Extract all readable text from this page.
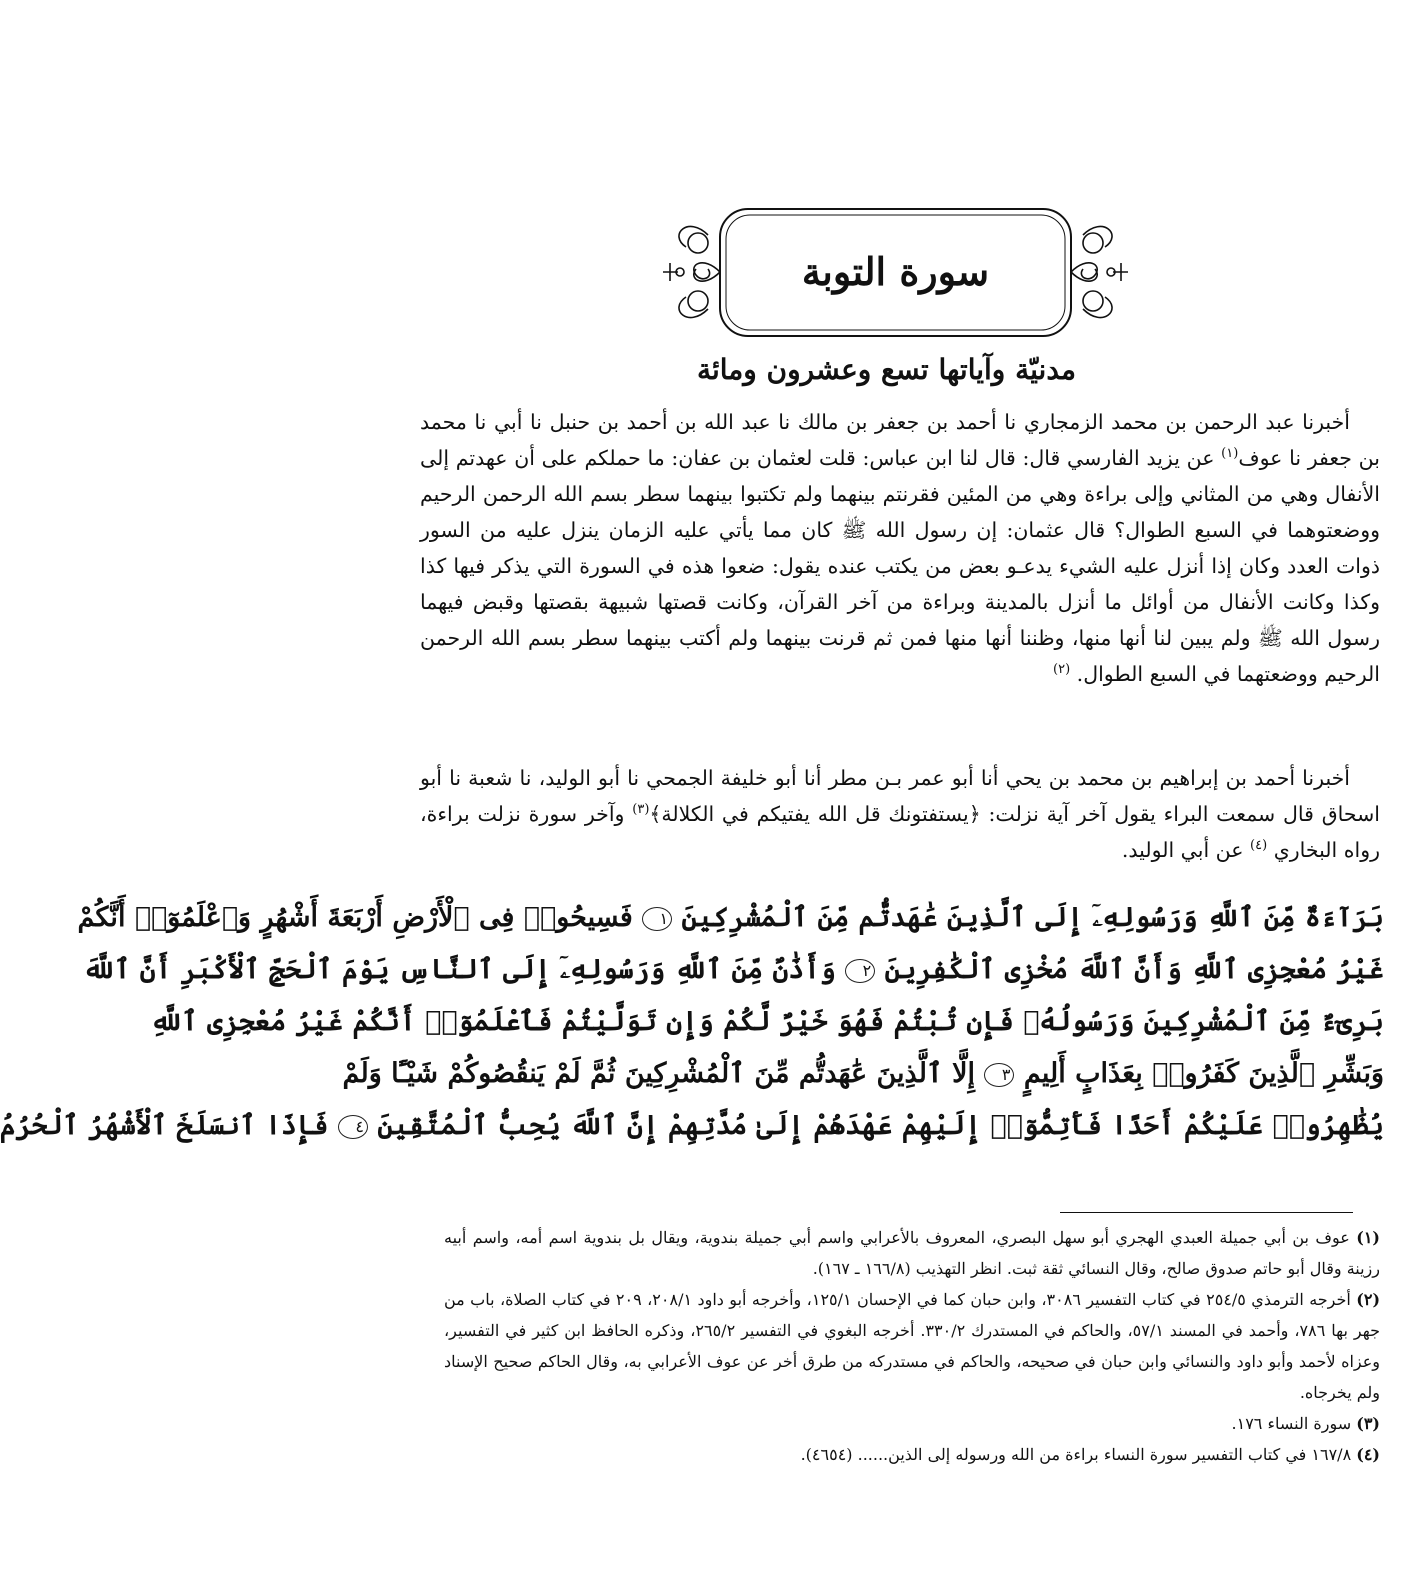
سورة التوبة
مدنيّة وآياتها تسع وعشرون ومائة
أخبرنا عبد الرحمن بن محمد الزمجاري نا أحمد بن جعفر بن مالك نا عبد الله بن أحمد بن حنبل نا أبي نا محمد بن جعفر نا عوف$^{(١)}$ عن يزيد الفارسي قال: قال لنا ابن عباس: قلت لعثمان بن عفان: ما حملكم على أن عهدتم إلى الأنفال وهي من المثاني وإلى براءة وهي من المئين فقرنتم بينهما ولم تكتبوا بينهما سطر بسم الله الرحمن الرحيم ووضعتوهما في السبع الطوال؟ قال عثمان: إن رسول الله ﷺ كان مما يأتي عليه الزمان ينزل عليه من السور ذوات العدد وكان إذا أنزل عليه الشيء يدعـو بعض من يكتب عنده يقول: ضعوا هذه في السورة التي يذكر فيها كذا وكذا وكانت الأنفال من أوائل ما أنزل بالمدينة وبراءة من آخر القرآن، وكانت قصتها شبيهة بقصتها وقبض فيهما رسول الله ﷺ ولم يبين لنا أنها منها، وظننا أنها منها فمن ثم قرنت بينهما ولم أكتب بينهما سطر بسم الله الرحمن الرحيم ووضعتهما في السبع الطوال. $^{(٢)}$
أخبرنا أحمد بن إبراهيم بن محمد بن يحي أنا أبو عمر بـن مطر أنا أبو خليفة الجمحي نا أبو الوليد، نا شعبة نا أبو اسحاق قال سمعت البراء يقول آخر آية نزلت: ﴿يستفتونك قل الله يفتيكم في الكلالة﴾$^{(٣)}$ وآخر سورة نزلت براءة، رواه البخاري $^{(٤)}$ عن أبي الوليد.
بَرَآءَةٌ مِّنَ ٱللَّهِ وَرَسُولِهِۦٓ إِلَى ٱلَّذِينَ عَٰهَدتُّم مِّنَ ٱلْمُشْرِكِينَ ١ فَسِيحُوا۟ فِى ٱلْأَرْضِ أَرْبَعَةَ أَشْهُرٍ وَٱعْلَمُوٓا۟ أَنَّكُمْ
غَيْرُ مُعْجِزِى ٱللَّهِ وَأَنَّ ٱللَّهَ مُخْزِى ٱلْكَٰفِرِينَ ٢ وَأَذَٰنٌ مِّنَ ٱللَّهِ وَرَسُولِهِۦٓ إِلَى ٱلنَّاسِ يَوْمَ ٱلْحَجِّ ٱلْأَكْبَرِ أَنَّ ٱللَّهَ
بَرِىٓءٌ مِّنَ ٱلْمُشْرِكِينَ وَرَسُولُهُۥ فَإِن تُبْتُمْ فَهُوَ خَيْرٌ لَّكُمْ وَإِن تَوَلَّيْتُمْ فَٱعْلَمُوٓا۟ أَنَّكُمْ غَيْرُ مُعْجِزِى ٱللَّهِ
وَبَشِّرِ ٱلَّذِينَ كَفَرُوا۟ بِعَذَابٍ أَلِيمٍ ٣ إِلَّا ٱلَّذِينَ عَٰهَدتُّم مِّنَ ٱلْمُشْرِكِينَ ثُمَّ لَمْ يَنقُصُوكُمْ شَيْـًٔا وَلَمْ
يُظَٰهِرُوا۟ عَلَيْكُمْ أَحَدًا فَأَتِمُّوٓا۟ إِلَيْهِمْ عَهْدَهُمْ إِلَىٰ مُدَّتِهِمْ إِنَّ ٱللَّهَ يُحِبُّ ٱلْمُتَّقِينَ ٤ فَإِذَا ٱنسَلَخَ ٱلْأَشْهُرُ ٱلْحُرُمُ
(١) عوف بن أبي جميلة العبدي الهجري أبو سهل البصري، المعروف بالأعرابي واسم أبي جميلة بندوية، ويقال بل بندوية اسم أمه، واسم أبيه رزينة وقال أبو حاتم صدوق صالح، وقال النسائي ثقة ثبت. انظر التهذيب (١٦٦/٨ ـ ١٦٧).
(٢) أخرجه الترمذي ٢٥٤/٥ في كتاب التفسير ٣٠٨٦، وابن حبان كما في الإحسان ١٢٥/١، وأخرجه أبو داود ٢٠٨/١، ٢٠٩ في كتاب الصلاة، باب من جهر بها ٧٨٦، وأحمد في المسند ٥٧/١، والحاكم في المستدرك ٣٣٠/٢. أخرجه البغوي في التفسير ٢٦٥/٢، وذكره الحافظ ابن كثير في التفسير، وعزاه لأحمد وأبو داود والنسائي وابن حبان في صحيحه، والحاكم في مستدركه من طرق أخر عن عوف الأعرابي به، وقال الحاكم صحيح الإسناد ولم يخرجاه.
(٣) سورة النساء ١٧٦.
(٤) ١٦٧/٨ في كتاب التفسير سورة النساء براءة من الله ورسوله إلى الذين...... (٤٦٥٤).
